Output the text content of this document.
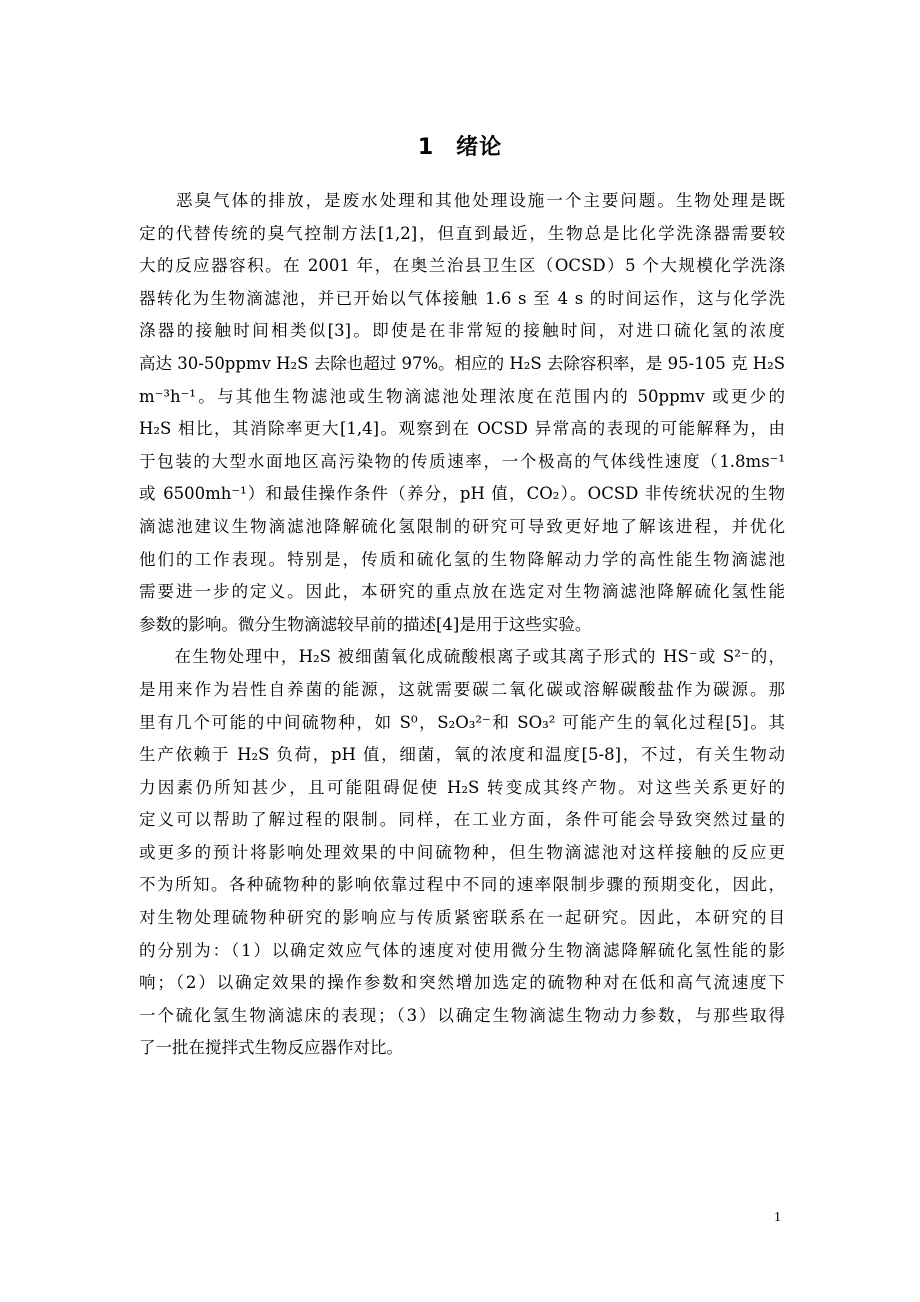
1 绪论
　　恶臭气体的排放，是废水处理和其他处理设施一个主要问题。生物处理是既
定的代替传统的臭气控制方法[1,2]，但直到最近，生物总是比化学洗涤器需要较
大的反应器容积。在 2001 年，在奥兰治县卫生区（OCSD）5 个大规模化学洗涤
器转化为生物滴滤池，并已开始以气体接触 1.6 s 至 4 s 的时间运作，这与化学洗
涤器的接触时间相类似[3]。即使是在非常短的接触时间，对进口硫化氢的浓度
高达 30-50ppmv H₂S 去除也超过 97%。相应的 H₂S 去除容积率，是 95-105 克 H₂S
m⁻³h⁻¹。与其他生物滤池或生物滴滤池处理浓度在范围内的 50ppmv 或更少的
H₂S 相比，其消除率更大[1,4]。观察到在 OCSD 异常高的表现的可能解释为，由
于包装的大型水面地区高污染物的传质速率，一个极高的气体线性速度（1.8ms⁻¹
或 6500mh⁻¹）和最佳操作条件（养分，pH 值，CO₂）。OCSD 非传统状况的生物
滴滤池建议生物滴滤池降解硫化氢限制的研究可导致更好地了解该进程，并优化
他们的工作表现。特别是，传质和硫化氢的生物降解动力学的高性能生物滴滤池
需要进一步的定义。因此，本研究的重点放在选定对生物滴滤池降解硫化氢性能
参数的影响。微分生物滴滤较早前的描述[4]是用于这些实验。
　　在生物处理中，H₂S 被细菌氧化成硫酸根离子或其离子形式的 HS⁻或 S²⁻的，
是用来作为岩性自养菌的能源，这就需要碳二氧化碳或溶解碳酸盐作为碳源。那
里有几个可能的中间硫物种，如 S⁰，S₂O₃²⁻和 SO₃² 可能产生的氧化过程[5]。其
生产依赖于 H₂S 负荷，pH 值，细菌，氧的浓度和温度[5-8]，不过，有关生物动
力因素仍所知甚少，且可能阻碍促使 H₂S 转变成其终产物。对这些关系更好的
定义可以帮助了解过程的限制。同样，在工业方面，条件可能会导致突然过量的
或更多的预计将影响处理效果的中间硫物种，但生物滴滤池对这样接触的反应更
不为所知。各种硫物种的影响依靠过程中不同的速率限制步骤的预期变化，因此，
对生物处理硫物种研究的影响应与传质紧密联系在一起研究。因此，本研究的目
的分别为：（1）以确定效应气体的速度对使用微分生物滴滤降解硫化氢性能的影
响；（2）以确定效果的操作参数和突然增加选定的硫物种对在低和高气流速度下
一个硫化氢生物滴滤床的表现；（3）以确定生物滴滤生物动力参数，与那些取得
了一批在搅拌式生物反应器作对比。
1
